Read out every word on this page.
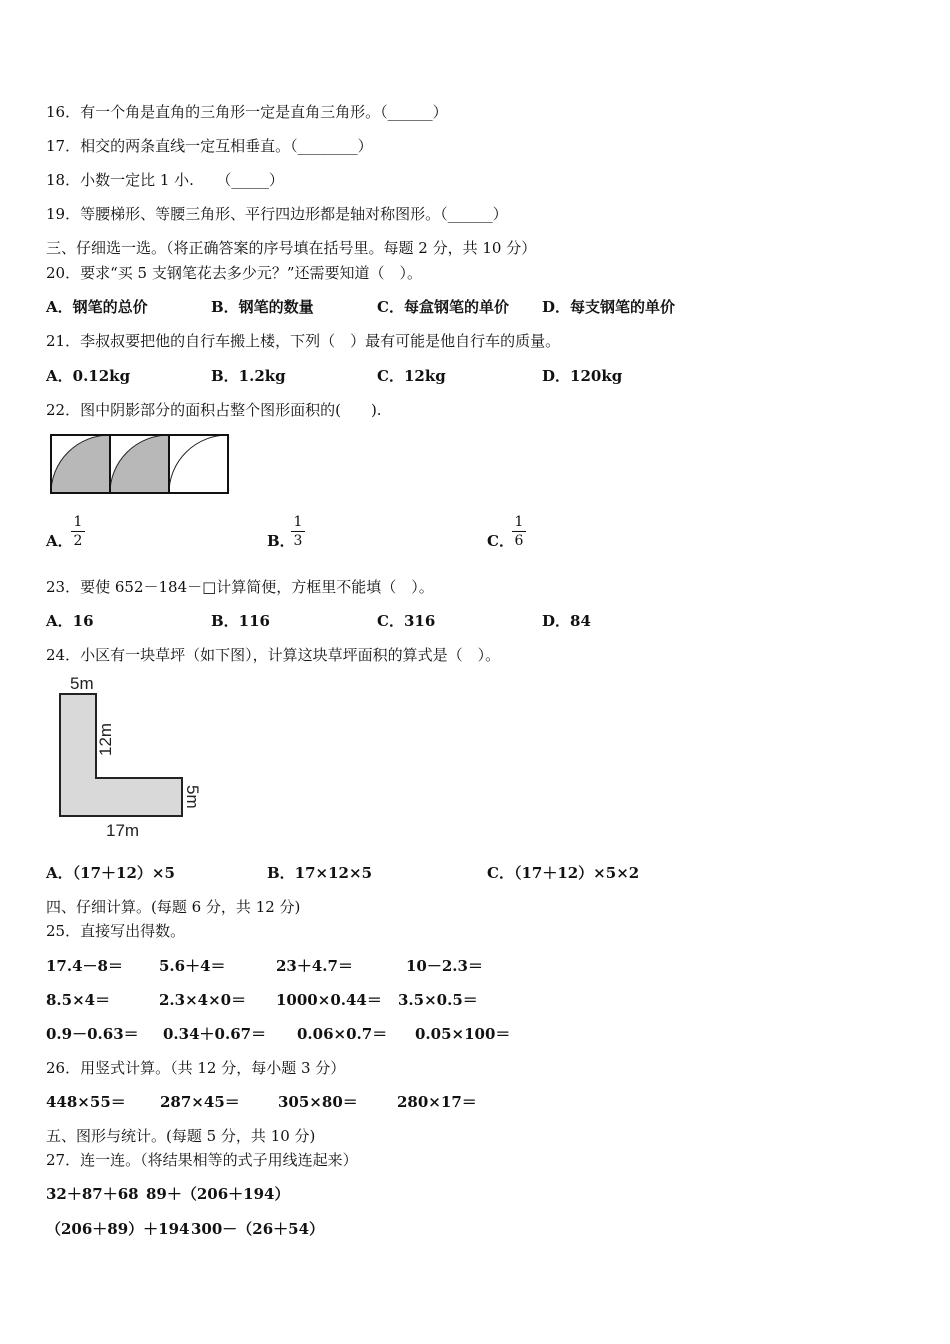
16．有一个角是直角的三角形一定是直角三角形。（______）
17．相交的两条直线一定互相垂直。（________）
18．小数一定比 1 小.　　（_____）
19．等腰梯形、等腰三角形、平行四边形都是轴对称图形。（______）
三、仔细选一选。（将正确答案的序号填在括号里。每题 2 分，共 10 分）
20．要求“买 5 支钢笔花去多少元？”还需要知道（　）。
A．钢笔的总价	B．钢笔的数量	C．每盒钢笔的单价 D．每支钢笔的单价
21．李叔叔要把他的自行车搬上楼，下列（　）最有可能是他自行车的质量。
A．0.12kg	B．1.2kg	C．12kg	D．120kg
22．图中阴影部分的面积占整个图形面积的(　　).
A．
1
2	B．
1
3	C．
1
6
23．要使 652－184－□计算简便，方框里不能填（　）。
A．16	B．116	C．316	D．84
24．小区有一块草坪（如下图），计算这块草坪面积的算式是（　）。
5m
12m
5m
17m
A．（17＋12）×5	B．17×12×5	C．（17＋12）×5×2
四、仔细计算。(每题 6 分，共 12 分)
25．直接写出得数。
17.4－8＝ 5.6＋4＝	23＋4.7＝	10－2.3＝
8.5×4＝	2.3×4×0＝ 1000×0.44＝ 3.5×0.5＝
0.9－0.63＝ 0.34＋0.67＝ 0.06×0.7＝ 0.05×100＝
26．用竖式计算。（共 12 分，每小题 3 分）
448×55＝ 287×45＝	305×80＝	280×17＝
五、图形与统计。(每题 5 分，共 10 分)
27．连一连。（将结果相等的式子用线连起来）
32＋87＋68 89＋（206＋194）
（206＋89）＋194 300－（26＋54）
